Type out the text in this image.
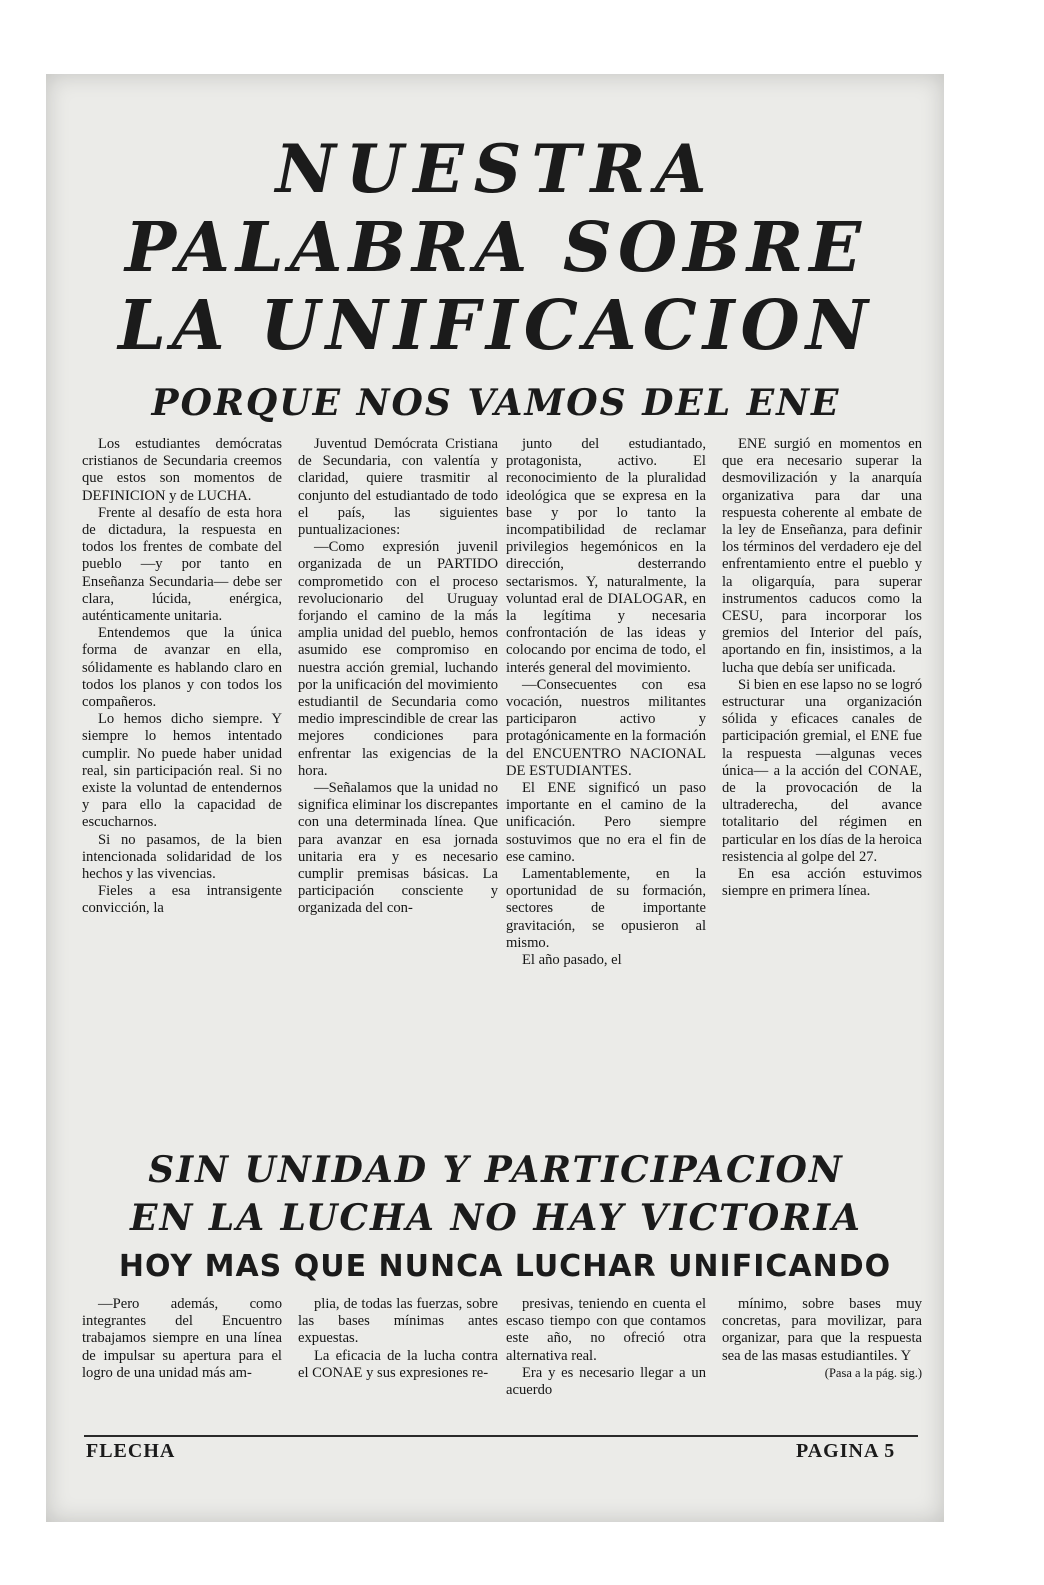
NUESTRA
PALABRA SOBRE
LA UNIFICACION
PORQUE NOS VAMOS DEL ENE

Los estudiantes demócratas cristianos de Secundaria creemos que estos son momentos de DEFINICION y de LUCHA.

Frente al desafío de esta hora de dictadura, la respuesta en todos los frentes de combate del pueblo —y por tanto en Enseñanza Secundaria— debe ser clara, lúcida, enérgica, auténticamente unitaria.

Entendemos que la única forma de avanzar en ella, sólidamente es hablando claro en todos los planos y con todos los compañeros.

Lo hemos dicho siempre. Y siempre lo hemos intentado cumplir. No puede haber unidad real, sin participación real. Si no existe la voluntad de entendernos y para ello la capacidad de escucharnos.

Si no pasamos, de la bien intencionada solidaridad de los hechos y las vivencias.

Fieles a esa intransigente convicción, la

Juventud Demócrata Cristiana de Secundaria, con valentía y claridad, quiere trasmitir al conjunto del estudiantado de todo el país, las siguientes puntualizaciones:

—Como expresión juvenil organizada de un PARTIDO comprometido con el proceso revolucionario del Uruguay forjando el camino de la más amplia unidad del pueblo, hemos asumido ese compromiso en nuestra acción gremial, luchando por la unificación del movimiento estudiantil de Secundaria como medio imprescindible de crear las mejores condiciones para enfrentar las exigencias de la hora.

—Señalamos que la unidad no significa eliminar los discrepantes con una determinada línea. Que para avanzar en esa jornada unitaria era y es necesario cumplir premisas básicas. La participación consciente y organizada del con-

junto del estudiantado, protagonista, activo. El reconocimiento de la pluralidad ideológica que se expresa en la base y por lo tanto la incompatibilidad de reclamar privilegios hegemónicos en la dirección, desterrando sectarismos. Y, naturalmente, la voluntad eral de DIALOGAR, en la legítima y necesaria confrontación de las ideas y colocando por encima de todo, el interés general del movimiento.

—Consecuentes con esa vocación, nuestros militantes participaron activo y protagónicamente en la formación del ENCUENTRO NACIONAL DE ESTUDIANTES.

El ENE significó un paso importante en el camino de la unificación. Pero siempre sostuvimos que no era el fin de ese camino.

Lamentablemente, en la oportunidad de su formación, sectores de importante gravitación, se opusieron al mismo.

El año pasado, el

ENE surgió en momentos en que era necesario superar la desmovilización y la anarquía organizativa para dar una respuesta coherente al embate de la ley de Enseñanza, para definir los términos del verdadero eje del enfrentamiento entre el pueblo y la oligarquía, para superar instrumentos caducos como la CESU, para incorporar los gremios del Interior del país, aportando en fin, insistimos, a la lucha que debía ser unificada.

Si bien en ese lapso no se logró estructurar una organización sólida y eficaces canales de participación gremial, el ENE fue la respuesta —algunas veces única— a la acción del CONAE, de la provocación de la ultraderecha, del avance totalitario del régimen en particular en los días de la heroica resistencia al golpe del 27.

En esa acción estuvimos siempre en primera línea.

SIN UNIDAD Y PARTICIPACION
EN LA LUCHA NO HAY VICTORIA
HOY MAS QUE NUNCA LUCHAR UNIFICANDO

—Pero además, como integrantes del Encuentro trabajamos siempre en una línea de impulsar su apertura para el logro de una unidad más am-

plia, de todas las fuerzas, sobre las bases mínimas antes expuestas.

La eficacia de la lucha contra el CONAE y sus expresiones re-

presivas, teniendo en cuenta el escaso tiempo con que contamos este año, no ofreció otra alternativa real.

Era y es necesario llegar a un acuerdo

mínimo, sobre bases muy concretas, para movilizar, para organizar, para que la respuesta sea de las masas estudiantiles. Y

(Pasa a la pág. sig.)
FLECHA	PAGINA 5
